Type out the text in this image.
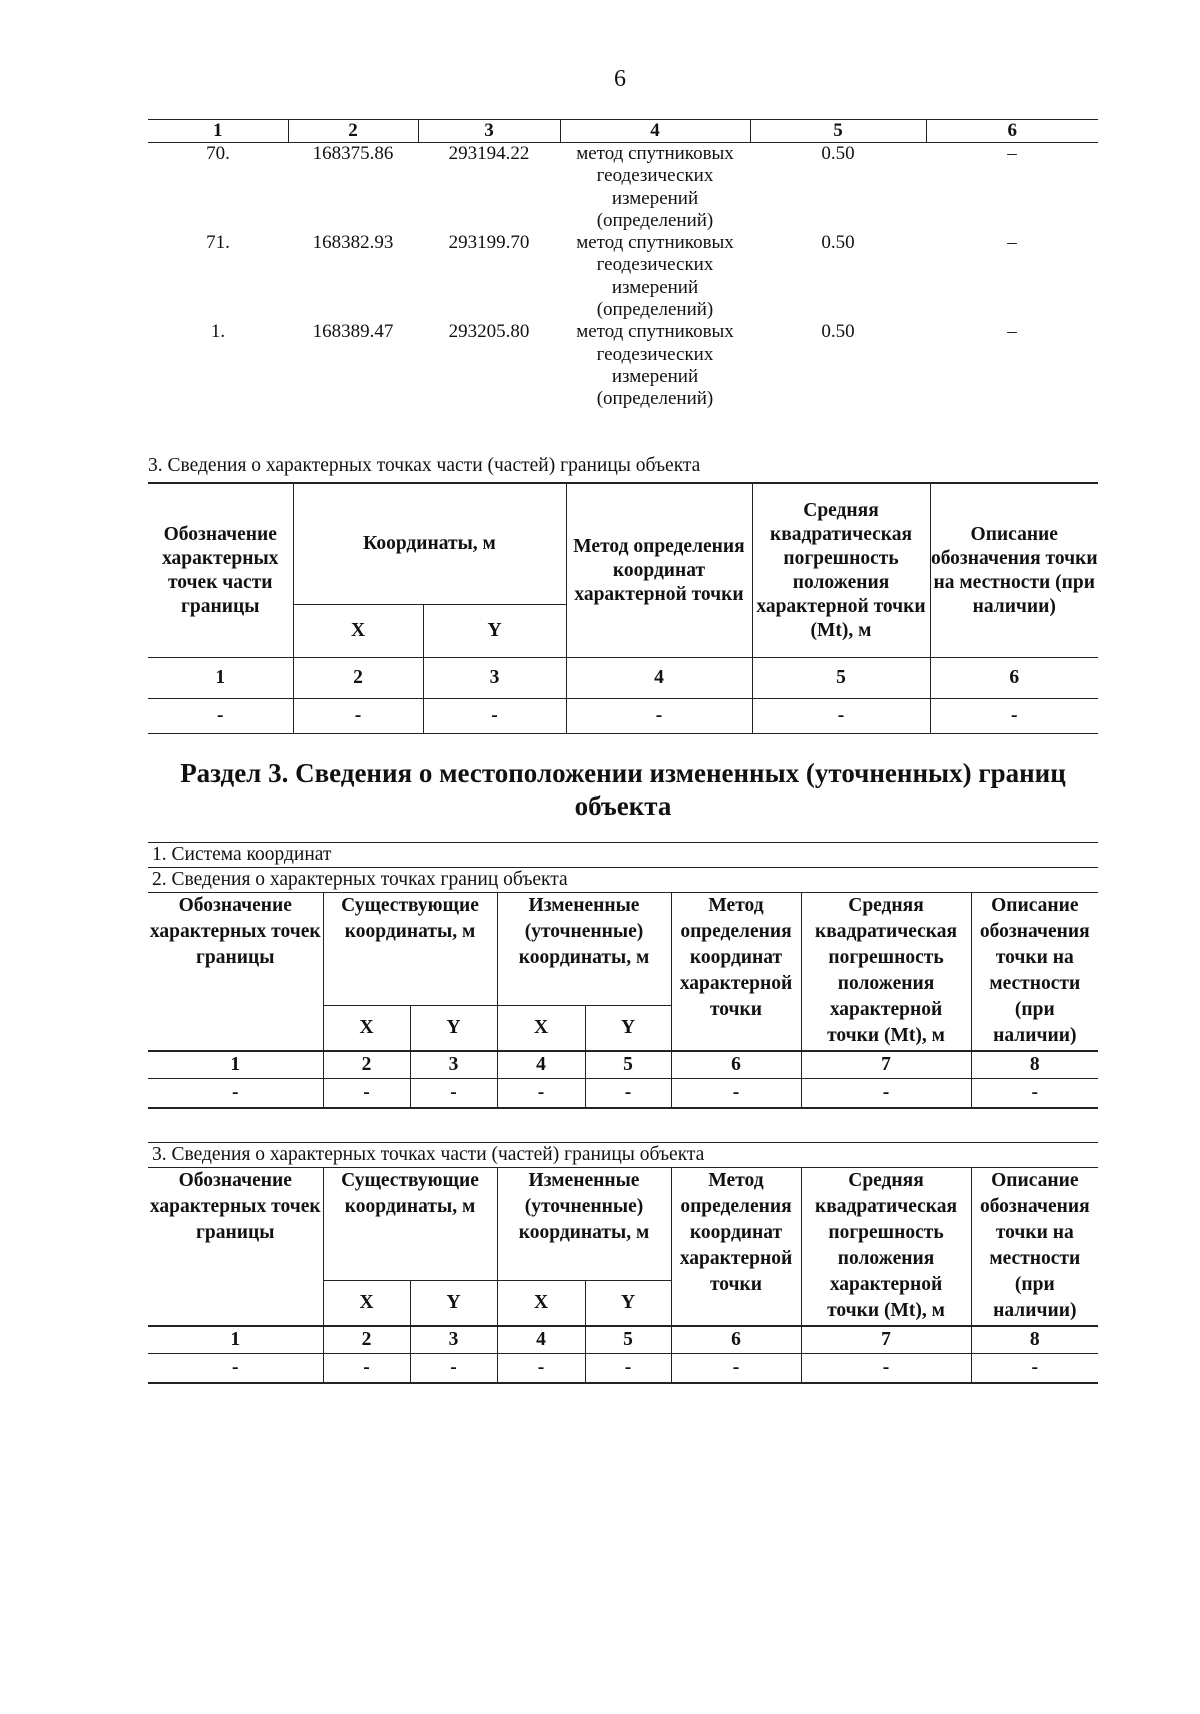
6
1	2	3	4	5	6
70.	168375.86	293194.22	метод спутниковых геодезических измерений (определений)	0.50	–
71.	168382.93	293199.70	метод спутниковых геодезических измерений (определений)	0.50	–
1.	168389.47	293205.80	метод спутниковых геодезических измерений (определений)	0.50	–
3. Сведения о характерных точках части (частей) границы объекта
Обозначение характерных точек части границы	Координаты, м		Метод определения координат характерной точки	Средняя квадратическая погрешность положения характерной точки (Mt), м	Описание обозначения точки на местности (при наличии)
	X	Y			
1	2	3	4	5	6
-	-	-	-	-	-
Раздел 3. Сведения о местоположении измененных (уточненных) границ объекта
1. Система координат							
2. Сведения о характерных точках границ объекта							
Обозначение характерных точек границы	Существующие координаты, м		Измененные (уточненные) координаты, м		Метод определения координат характерной точки	Средняя квадратическая погрешность положения характерной точки (Mt), м	Описание обозначения точки на местности (при наличии)
	X	Y	X	Y			
1	2	3	4	5	6	7	8
-	-	-	-	-	-	-	-
3. Сведения о характерных точках части (частей) границы объекта							
Обозначение характерных точек границы	Существующие координаты, м		Измененные (уточненные) координаты, м		Метод определения координат характерной точки	Средняя квадратическая погрешность положения характерной точки (Mt), м	Описание обозначения точки на местности (при наличии)
	X	Y	X	Y			
1	2	3	4	5	6	7	8
-	-	-	-	-	-	-	-
